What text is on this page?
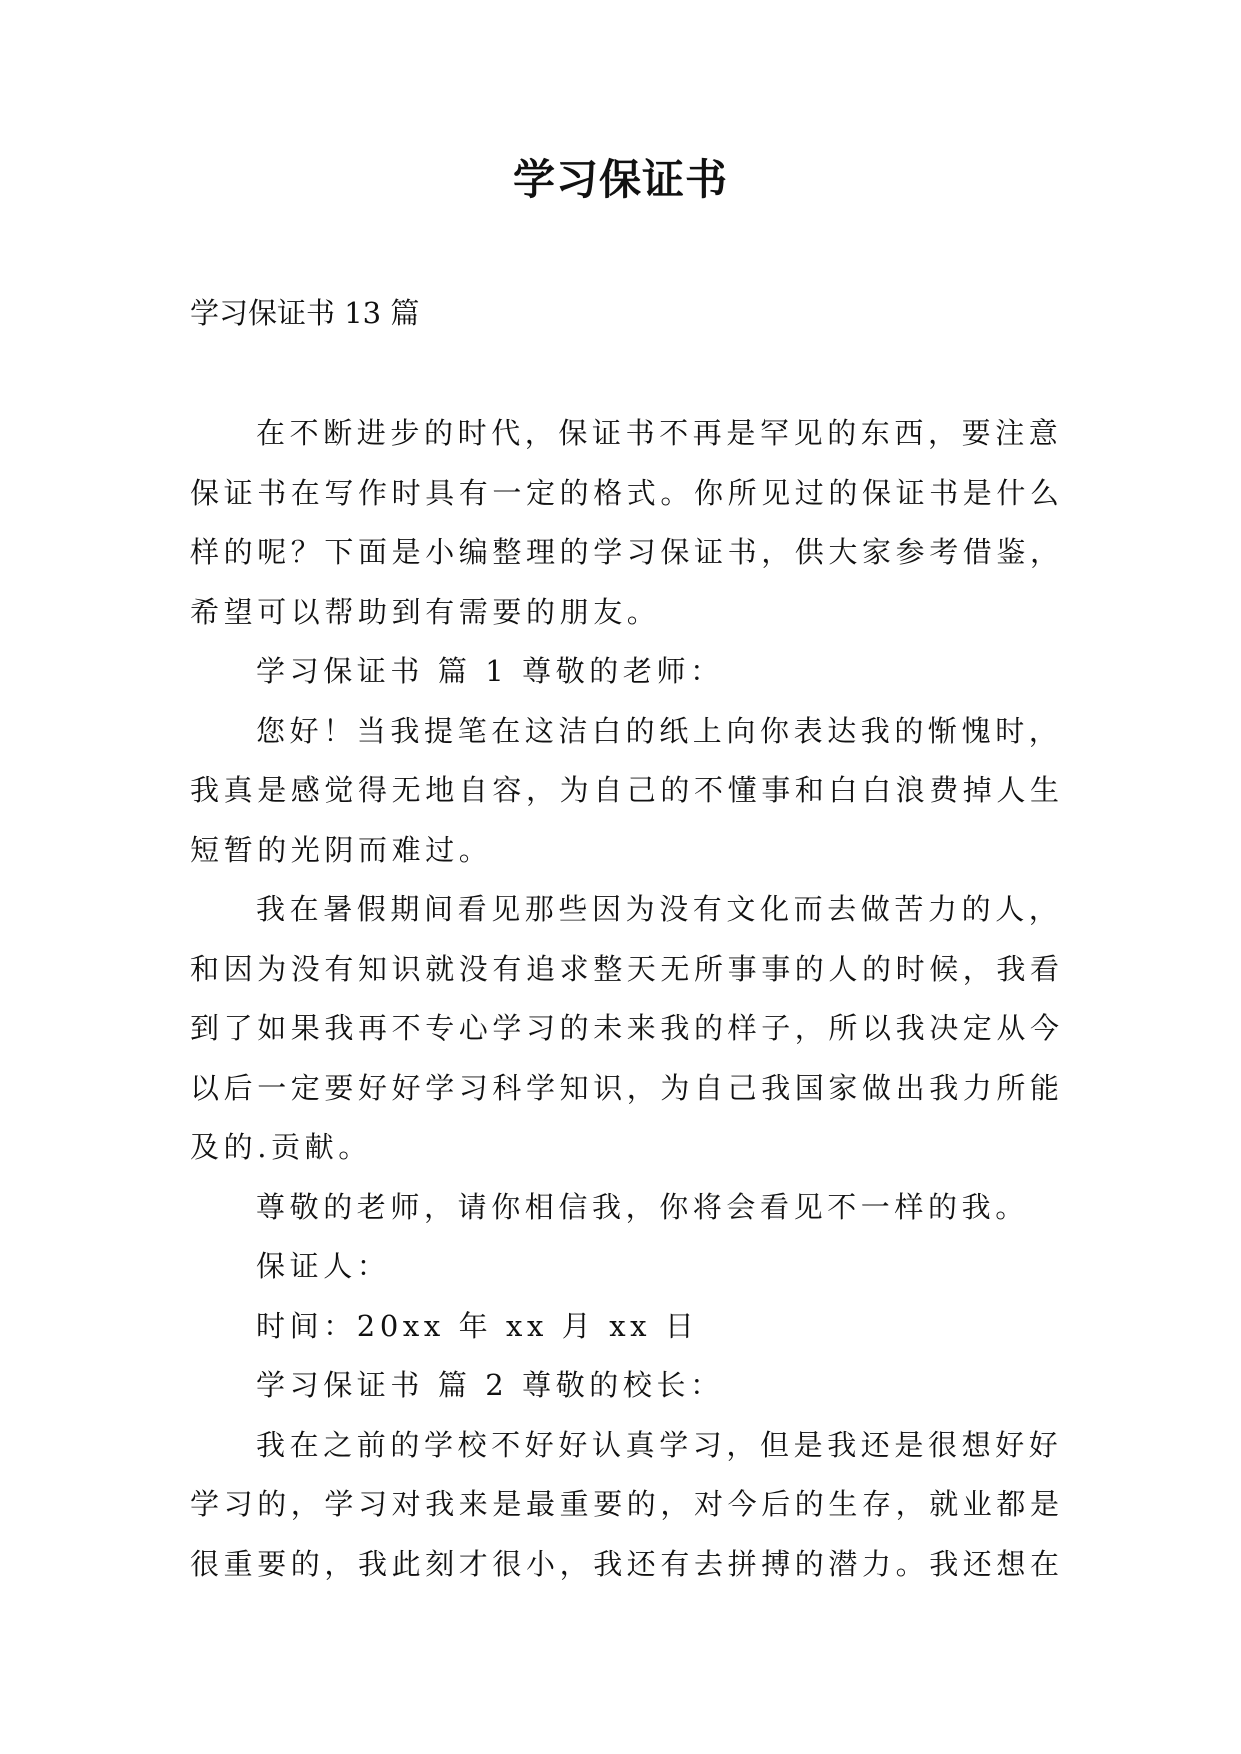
学习保证书
学习保证书 13 篇
在不断进步的时代，保证书不再是罕见的东西，要注意
保证书在写作时具有一定的格式。你所见过的保证书是什么
样的呢？下面是小编整理的学习保证书，供大家参考借鉴，
希望可以帮助到有需要的朋友。
学习保证书 篇 1 尊敬的老师：
您好！当我提笔在这洁白的纸上向你表达我的惭愧时，
我真是感觉得无地自容，为自己的不懂事和白白浪费掉人生
短暂的光阴而难过。
我在暑假期间看见那些因为没有文化而去做苦力的人，
和因为没有知识就没有追求整天无所事事的人的时候，我看
到了如果我再不专心学习的未来我的样子，所以我决定从今
以后一定要好好学习科学知识，为自己我国家做出我力所能
及的.贡献。
尊敬的老师，请你相信我，你将会看见不一样的我。
保证人：
时间：20xx 年 xx 月 xx 日
学习保证书 篇 2 尊敬的校长：
我在之前的学校不好好认真学习，但是我还是很想好好
学习的，学习对我来是最重要的，对今后的生存，就业都是
很重要的，我此刻才很小，我还有去拼搏的潜力。我还想在
